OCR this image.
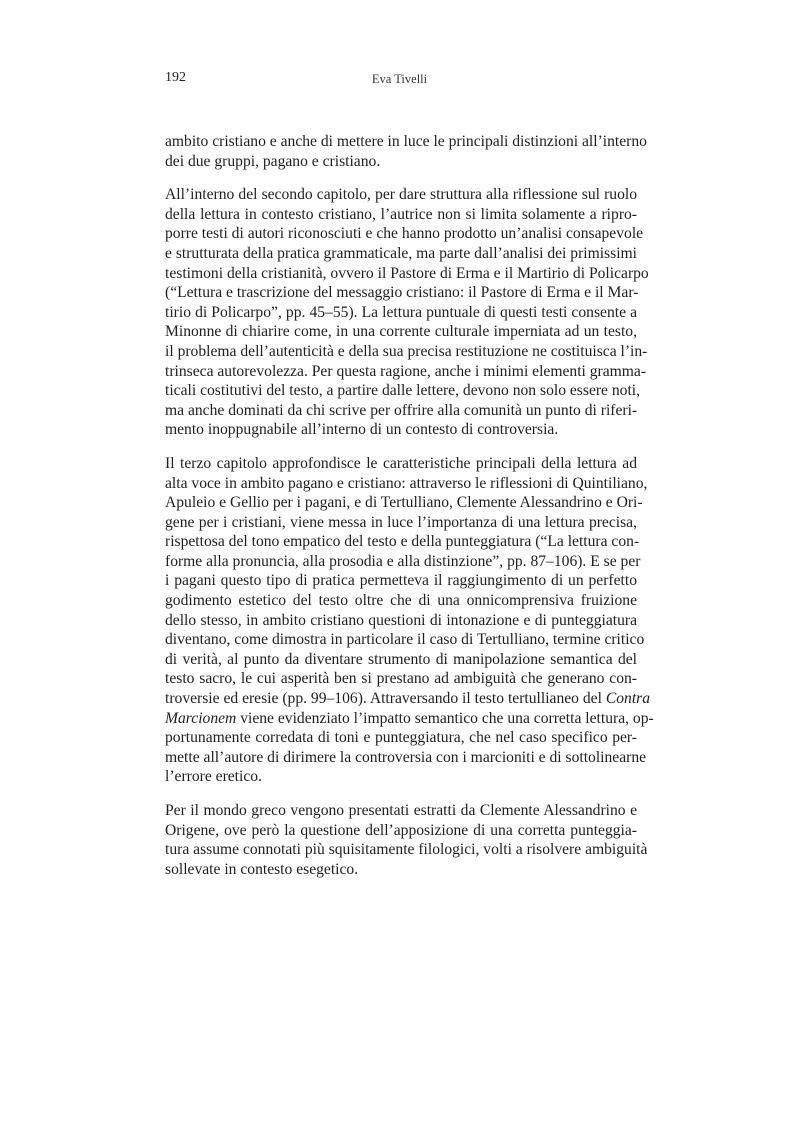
192	Eva Tivelli
ambito cristiano e anche di mettere in luce le principali distinzioni all’interno
dei due gruppi, pagano e cristiano.
All’interno del secondo capitolo, per dare struttura alla riflessione sul ruolo
della lettura in contesto cristiano, l’autrice non si limita solamente a ripro-
porre testi di autori riconosciuti e che hanno prodotto un’analisi consapevole
e strutturata della pratica grammaticale, ma parte dall’analisi dei primissimi
testimoni della cristianità, ovvero il Pastore di Erma e il Martirio di Policarpo
(“Lettura e trascrizione del messaggio cristiano: il Pastore di Erma e il Mar-
tirio di Policarpo”, pp. 45–55). La lettura puntuale di questi testi consente a
Minonne di chiarire come, in una corrente culturale imperniata ad un testo,
il problema dell’autenticità e della sua precisa restituzione ne costituisca l’in-
trinseca autorevolezza. Per questa ragione, anche i minimi elementi gramma-
ticali costitutivi del testo, a partire dalle lettere, devono non solo essere noti,
ma anche dominati da chi scrive per offrire alla comunità un punto di riferi-
mento inoppugnabile all’interno di un contesto di controversia.
Il terzo capitolo approfondisce le caratteristiche principali della lettura ad
alta voce in ambito pagano e cristiano: attraverso le riflessioni di Quintiliano,
Apuleio e Gellio per i pagani, e di Tertulliano, Clemente Alessandrino e Ori-
gene per i cristiani, viene messa in luce l’importanza di una lettura precisa,
rispettosa del tono empatico del testo e della punteggiatura (“La lettura con-
forme alla pronuncia, alla prosodia e alla distinzione”, pp. 87–106). E se per
i pagani questo tipo di pratica permetteva il raggiungimento di un perfetto
godimento estetico del testo oltre che di una onnicomprensiva fruizione
dello stesso, in ambito cristiano questioni di intonazione e di punteggiatura
diventano, come dimostra in particolare il caso di Tertulliano, termine critico
di verità, al punto da diventare strumento di manipolazione semantica del
testo sacro, le cui asperità ben si prestano ad ambiguità che generano con-
troversie ed eresie (pp. 99–106). Attraversando il testo tertullianeo del Contra
Marcionem viene evidenziato l’impatto semantico che una corretta lettura, op-
portunamente corredata di toni e punteggiatura, che nel caso specifico per-
mette all’autore di dirimere la controversia con i marcioniti e di sottolinearne
l’errore eretico.
Per il mondo greco vengono presentati estratti da Clemente Alessandrino e
Origene, ove però la questione dell’apposizione di una corretta punteggia-
tura assume connotati più squisitamente filologici, volti a risolvere ambiguità
sollevate in contesto esegetico.
